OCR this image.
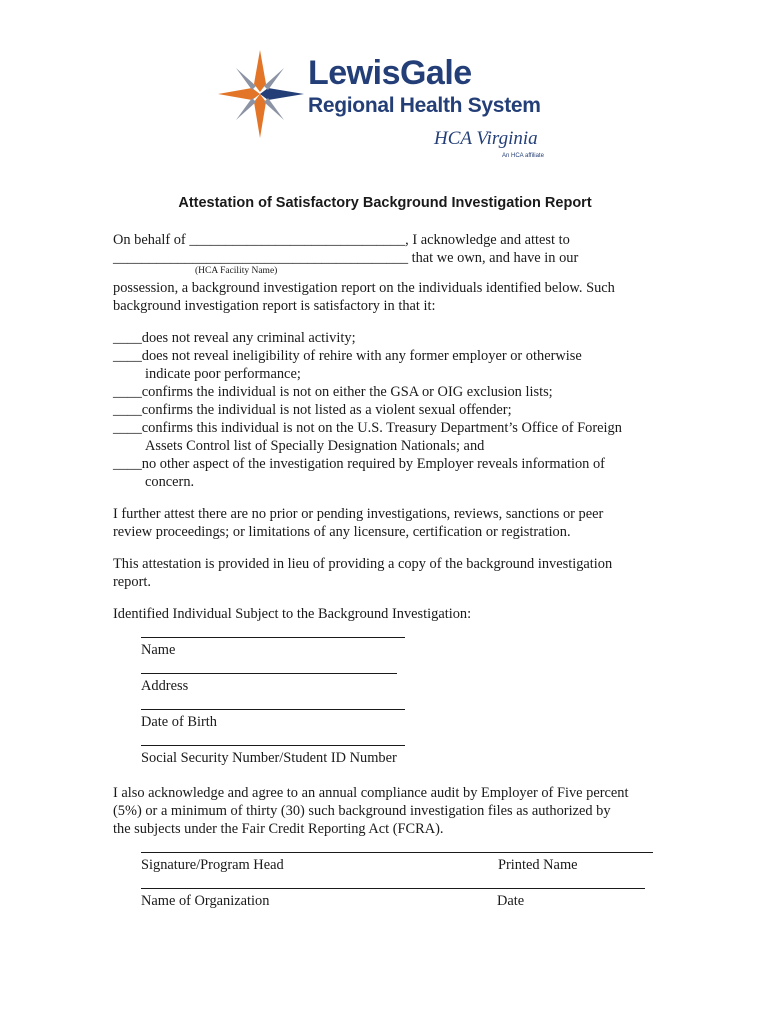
LewisGale
Regional Health System
HCA Virginia
An HCA affiliate
Attestation of Satisfactory Background Investigation Report
On behalf of ______________________________, I acknowledge and attest to
_________________________________________ that we own, and have in our
(HCA Facility Name)
possession, a background investigation report on the individuals identified below. Such
background investigation report is satisfactory in that it:
____does not reveal any criminal activity;
____does not reveal ineligibility of rehire with any former employer or otherwise
indicate poor performance;
____confirms the individual is not on either the GSA or OIG exclusion lists;
____confirms the individual is not listed as a violent sexual offender;
____confirms this individual is not on the U.S. Treasury Department’s Office of Foreign
Assets Control list of Specially Designation Nationals; and
____no other aspect of the investigation required by Employer reveals information of
concern.
I further attest there are no prior or pending investigations, reviews, sanctions or peer
review proceedings; or limitations of any licensure, certification or registration.
This attestation is provided in lieu of providing a copy of the background investigation
report.
Identified Individual Subject to the Background Investigation:
Name
Address
Date of Birth
Social Security Number/Student ID Number
I also acknowledge and agree to an annual compliance audit by Employer of Five percent
(5%) or a minimum of thirty (30) such background investigation files as authorized by
the subjects under the Fair Credit Reporting Act (FCRA).
Signature/Program Head	Printed Name
Name of Organization	Date
